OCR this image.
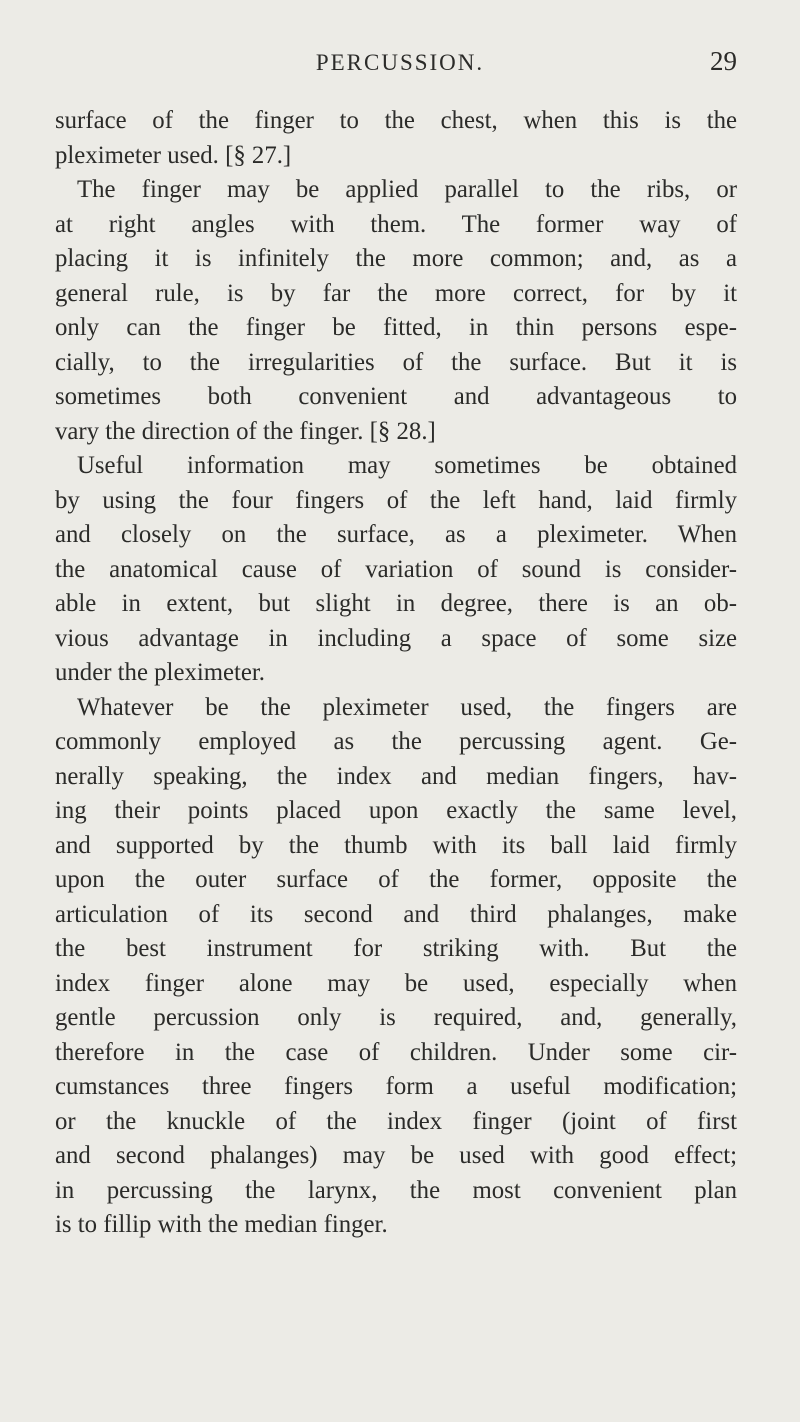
PERCUSSION.	29
surface of the finger to the chest, when this is the
pleximeter used. [§ 27.]
The finger may be applied parallel to the ribs, or
at right angles with them. The former way of
placing it is infinitely the more common; and, as a
general rule, is by far the more correct, for by it
only can the finger be fitted, in thin persons espe-
cially, to the irregularities of the surface. But it is
sometimes both convenient and advantageous to
vary the direction of the finger. [§ 28.]
Useful information may sometimes be obtained
by using the four fingers of the left hand, laid firmly
and closely on the surface, as a pleximeter. When
the anatomical cause of variation of sound is consider-
able in extent, but slight in degree, there is an ob-
vious advantage in including a space of some size
under the pleximeter.
Whatever be the pleximeter used, the fingers are
commonly employed as the percussing agent. Ge-
nerally speaking, the index and median fingers, hav-
ing their points placed upon exactly the same level,
and supported by the thumb with its ball laid firmly
upon the outer surface of the former, opposite the
articulation of its second and third phalanges, make
the best instrument for striking with. But the
index finger alone may be used, especially when
gentle percussion only is required, and, generally,
therefore in the case of children. Under some cir-
cumstances three fingers form a useful modification;
or the knuckle of the index finger (joint of first
and second phalanges) may be used with good effect;
in percussing the larynx, the most convenient plan
is to fillip with the median finger.
